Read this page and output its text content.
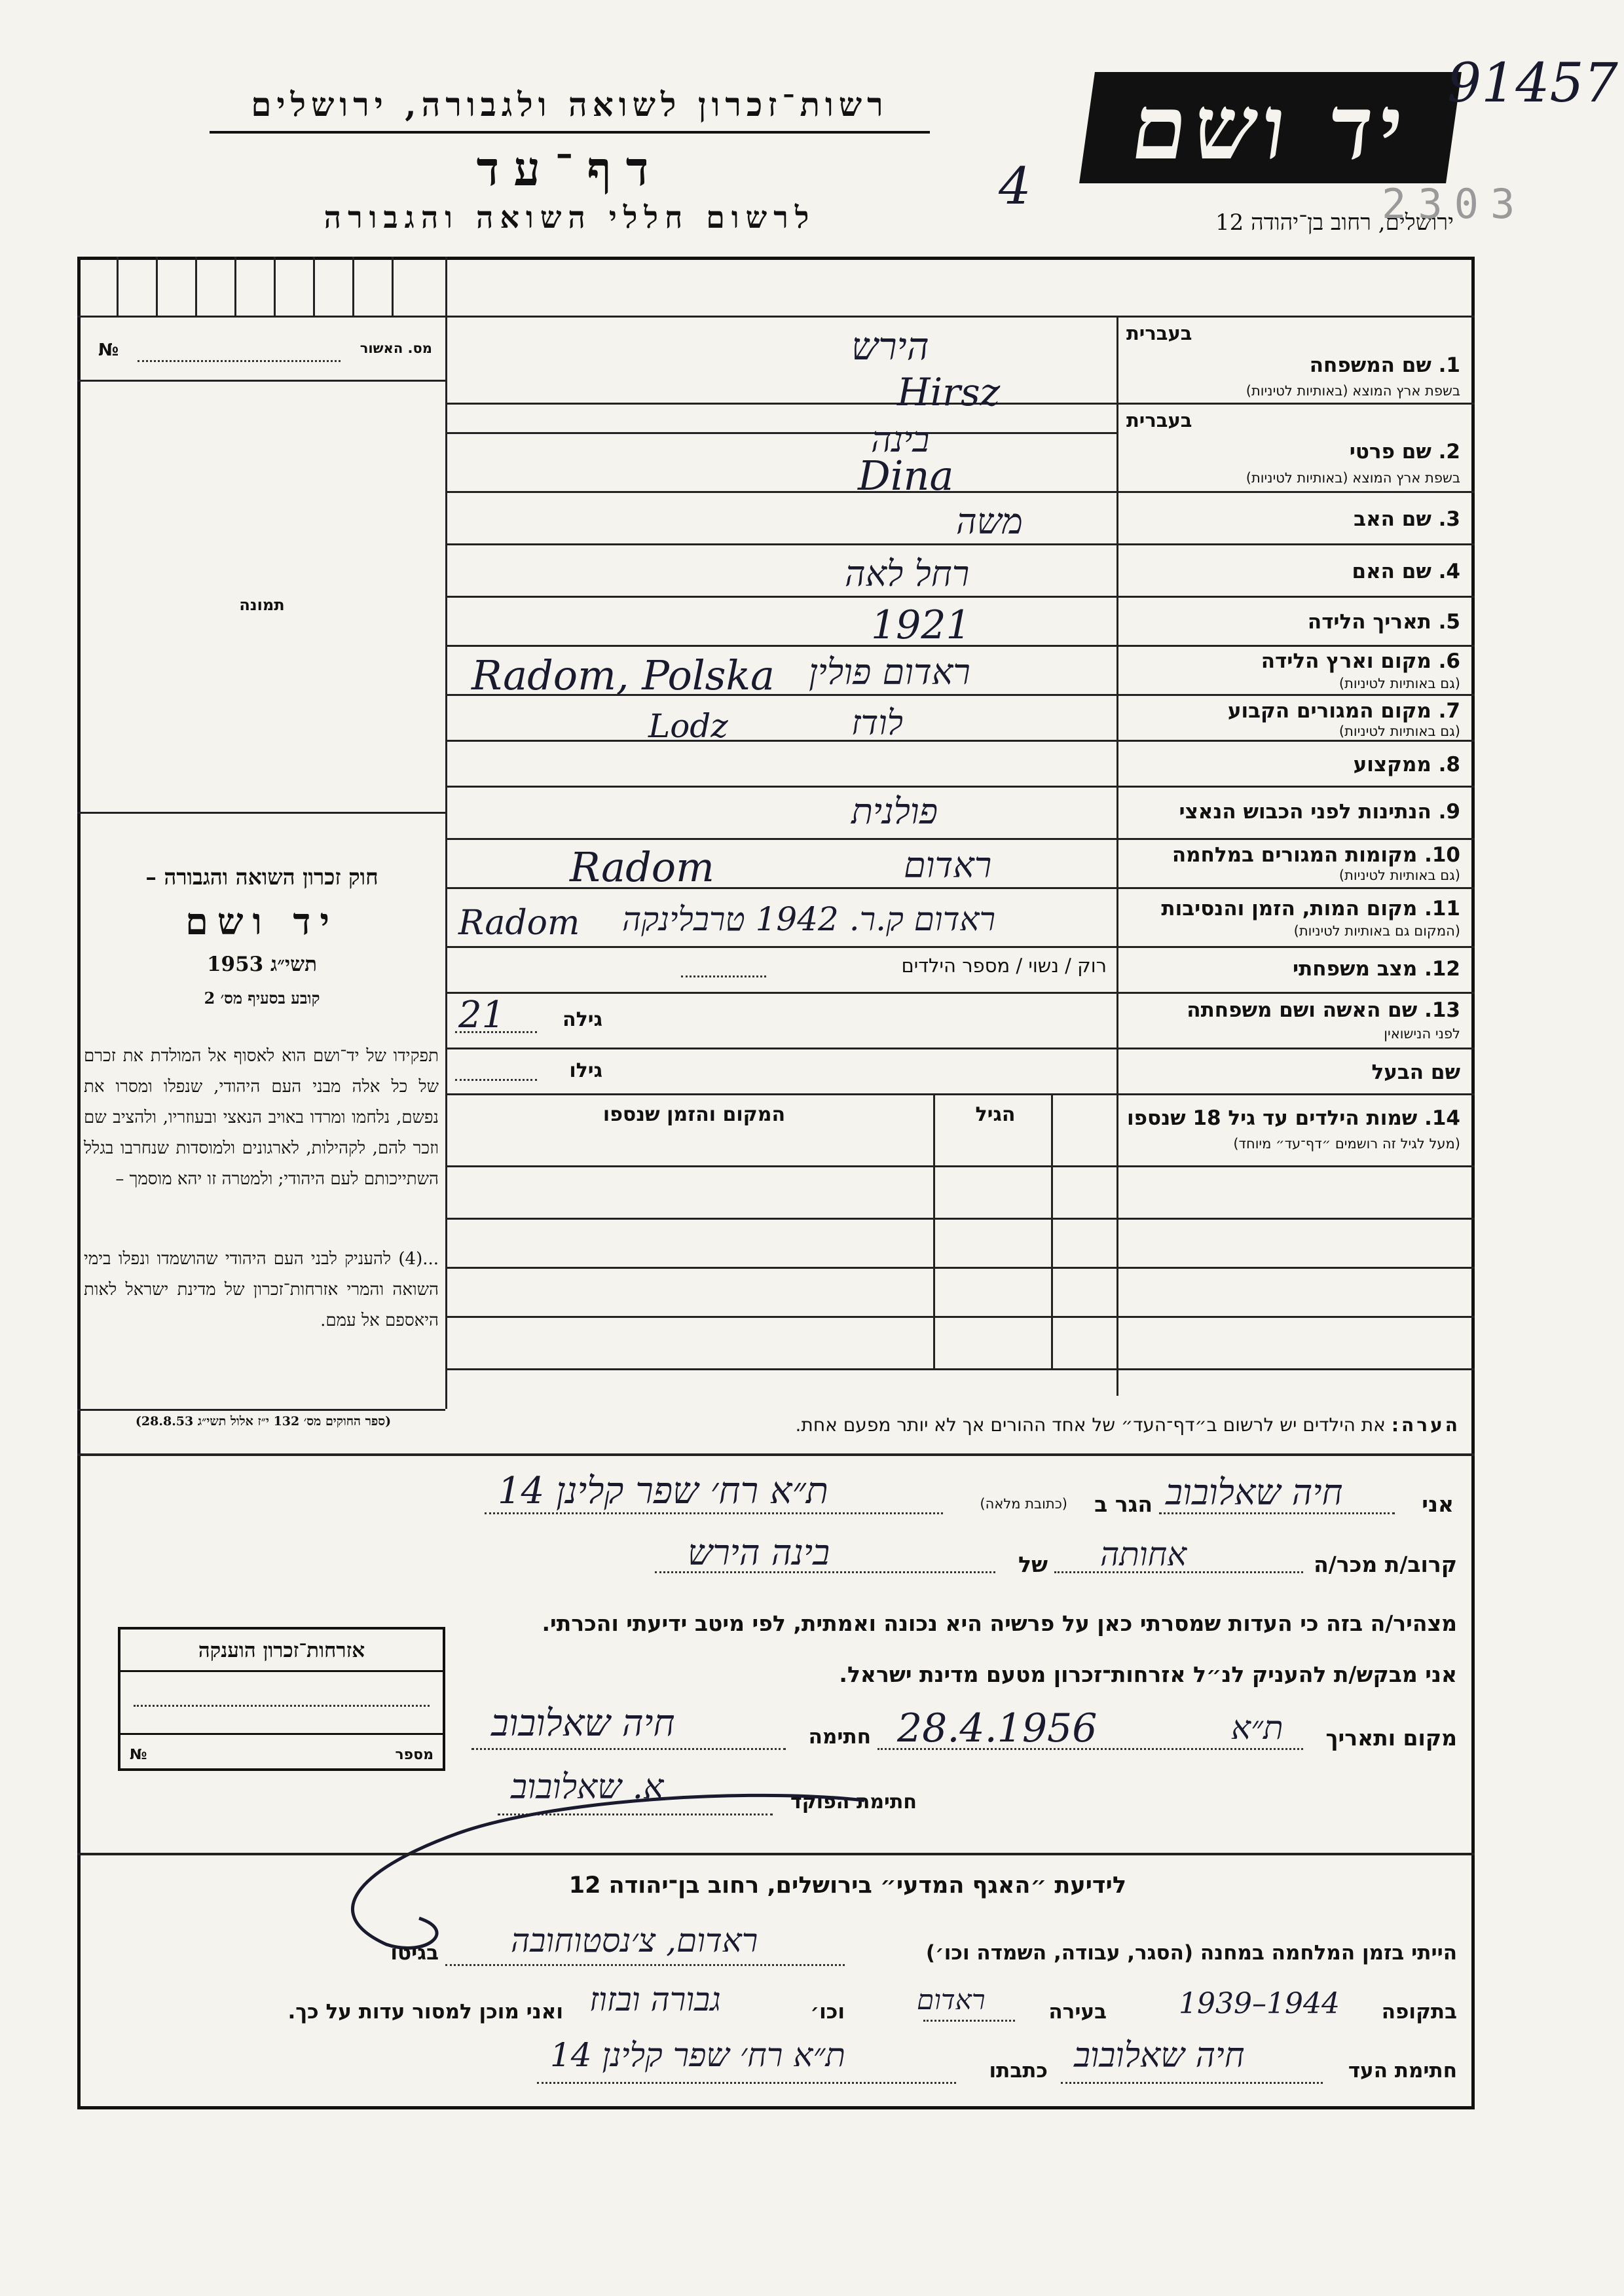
רשות־זכרון לשואה ולגבורה, ירושלים
דף־עד
לרשום חללי השואה והגבורה
יד ושם
ירושלים, רחוב בן־יהודה 12
91457
4	2303
מס. האשור
№
תמונה
חוק זכרון השואה והגבורה –
יד ושם
תשי״ג 1953
קובע בסעיף מס׳ 2
תפקידו של יד־ושם הוא לאסוף אל המולדת את זכרם של כל אלה מבני העם היהודי, שנפלו ומסרו את נפשם, נלחמו ומרדו באויב הנאצי ובעוזריו, ולהציב שם וזכר להם, לקהילות, לארגונים ולמוסדות שנחרבו בגלל השתייכותם לעם היהודי; ולמטרה זו יהא מוסמך –
...(4) להעניק לבני העם היהודי שהושמדו ונפלו בימי השואה והמרי אזרחות־זכרון של מדינת ישראל לאות היאספם אל עמם.
(ספר החוקים מס׳ 132 י״ז אלול תשי״ג 28.8.53)
בעברית
1. שם המשפחה
בשפת ארץ המוצא (באותיות לטיניות)
הירש
Hirsz
בעברית
2. שם פרטי
בשפת ארץ המוצא (באותיות לטיניות)
בינה
Dina
3. שם האב
משה
4. שם האם
רחל לאה
5. תאריך הלידה
1921
6. מקום וארץ הלידה
(גם באותיות לטיניות)
ראדום פולין
Radom, Polska
7. מקום המגורים הקבוע
(גם באותיות לטיניות)
לודז
Lodz
8. ממקצוע
9. הנתינות לפני הכבוש הנאצי
פולנית
10. מקומות המגורים במלחמה
(גם באותיות לטיניות)
ראדום
Radom
11. מקום המות, הזמן והנסיבות
(המקום גם באותיות לטיניות)
ראדום ק.ר. 1942 טרבלינקה
Radom
12. מצב משפחתי
רוק / נשוי / מספר הילדים
13. שם האשה ושם משפחתה
לפני הנישואין
גילה
21
שם הבעל
גילו
14. שמות הילדים עד גיל 18 שנספו
(מעל לגיל זה רושמים ״דף־עד״ מיוחד)
הגיל
המקום והזמן שנספו
הערה: את הילדים יש לרשום ב״דף־העד״ של אחד ההורים אך לא יותר מפעם אחת.
אני
חיה שאלובוב
הגר ב
(כתובת מלאה)
ת״א רח׳ שפר קלינן 14
קרוב/ת מכר/ה
אחותה
של
בינה הירש
מצהיר/ה בזה כי העדות שמסרתי כאן על פרשיה היא נכונה ואמתית, לפי מיטב ידיעתי והכרתי.
אני מבקש/ת להעניק לנ״ל אזרחות־זכרון מטעם מדינת ישראל.
מקום ותאריך
ת״א
28.4.1956
חתימה
חיה שאלובוב
חתימת הפוקד
א. שאלובוב
אזרחות־זכרון הוענקה
№	מספר
לידיעת ״האגף המדעי״ בירושלים, רחוב בן־יהודה 12
הייתי בזמן המלחמה במחנה (הסגר, עבודה, השמדה וכו׳)
ראדום, צ׳נסטוחובה
בגיטו
בתקופה
1939–1944
בעירה
ראדום
וכו׳
גבורה ובזוז
ואני מוכן למסור עדות על כך.
חתימת העד
חיה שאלובוב
כתבתו
ת״א רח׳ שפר קלינן 14
